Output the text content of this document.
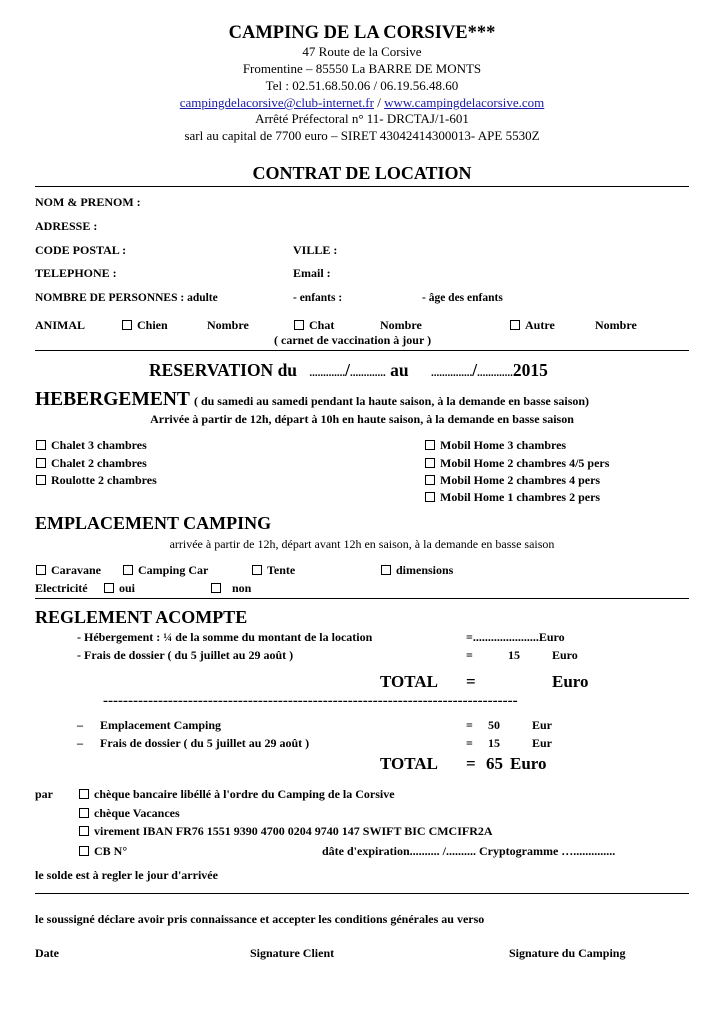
CAMPING DE LA CORSIVE***
47 Route de la Corsive
Fromentine – 85550 La BARRE DE MONTS
Tel : 02.51.68.50.06 / 06.19.56.48.60
campingdelacorsive@club-internet.fr / www.campingdelacorsive.com
Arrêté Préfectoral n° 11- DRCTAJ/1-601
sarl au capital de 7700 euro – SIRET 43042414300013- APE 5530Z
CONTRAT DE LOCATION
NOM & PRENOM :
ADRESSE :
CODE POSTAL :	VILLE :
TELEPHONE :	Email :
NOMBRE DE PERSONNES : adulte	- enfants :	- âge des enfants
ANIMAL	Chien	Nombre	Chat	Nombre	Autre	Nombre
( carnet de vaccination à jour )
RESERVATION du ............./............. au .............../.............2015
HEBERGEMENT ( du samedi au samedi pendant la haute saison, à la demande en basse saison)
Arrivée à partir de 12h, départ à 10h en haute saison, à la demande en basse saison
Chalet 3 chambres
Chalet 2 chambres
Roulotte 2 chambres
Mobil Home 3 chambres
Mobil Home 2 chambres 4/5 pers
Mobil Home 2 chambres 4 pers
Mobil Home 1 chambres 2 pers
EMPLACEMENT CAMPING
arrivée à partir de 12h, départ avant 12h en saison, à la demande en basse saison
Caravane	Camping Car	Tente	dimensions
Electricité	oui	non
REGLEMENT ACOMPTE
- Hébergement : ¼ de la somme du montant de la location	=......................Euro
- Frais de dossier ( du 5 juillet au 29 août )	=	15	Euro
TOTAL =	Euro
-----------------------------------------------------------------------------------
– Emplacement Camping	= 50	Eur
– Frais de dossier ( du 5 juillet au 29 août )	= 15	Eur
TOTAL = 65 Euro
par	chèque bancaire libéllé à l'ordre du Camping de la Corsive
chèque Vacances
virement IBAN FR76 1551 9390 4700 0204 9740 147 SWIFT BIC CMCIFR2A
CB N°	dâte d'expiration.......... /.......... Cryptogramme …..............
le solde est à regler le jour d'arrivée
le soussigné déclare avoir pris connaissance et accepter les conditions générales au verso
Date	Signature Client	Signature du Camping
